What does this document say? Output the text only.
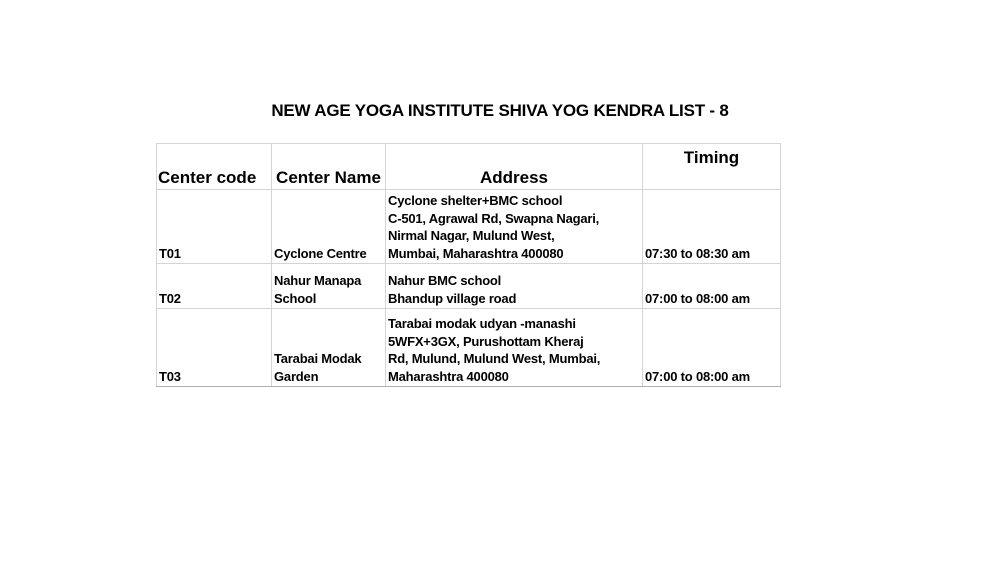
NEW AGE YOGA INSTITUTE SHIVA YOG KENDRA LIST - 8
Center code	Center Name	Address	Timing

T01	Cyclone Centre	Cyclone shelter+BMC school
C-501, Agrawal Rd, Swapna Nagari,
Nirmal Nagar, Mulund West,
Mumbai, Maharashtra 400080	07:30 to 08:30 am

T02	Nahur Manapa
School	Nahur BMC school
Bhandup village road	07:00 to 08:00 am

T03	Tarabai Modak
Garden	Tarabai modak udyan -manashi
5WFX+3GX, Purushottam Kheraj
Rd, Mulund, Mulund West, Mumbai,
Maharashtra 400080	07:00 to 08:00 am
